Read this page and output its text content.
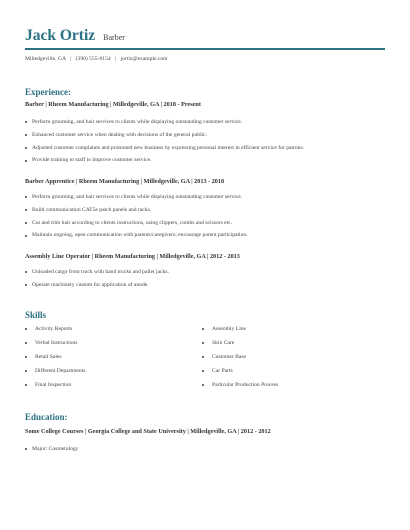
Jack Ortiz Barber
Milledgeville, GA | (390) 555-8154 | jortiz@example.com
Experience:
Barber | Rheem Manufacturing | Milledgeville, GA | 2018 - Present
Perform grooming, and hair services to clients while displaying outstanding customer service.
Enhanced customer service when dealing with decisions of the general public.
Adjusted customer complaints and promoted new business by expressing personal interest in efficient service for patrons.
Provide training to staff to improve customer service.
Barber Apprentice | Rheem Manufacturing | Milledgeville, GA | 2013 - 2018
Perform grooming, and hair services to clients while displaying outstanding customer service.
Build communication CAT5e patch panels and racks.
Cut and trim hair according to clients instructions, using clippers, combs and scissors etc.
Maintain ongoing, open communication with parents/caregivers; encourage parent participation.
Assembly Line Operator | Rheem Manufacturing | Milledgeville, GA | 2012 - 2013
Unloaded cargo from truck with hand trucks and pallet jacks.
Operate machinery custom for application of anode.
Skills
Activity Reports
Verbal Instructions
Retail Sales
Different Departments
Final Inspection
Assembly Line
Skin Care
Customer Base
Car Parts
Particular Production Process
Education:
Some College Courses | Georgia College and State University | Milledgeville, GA | 2012 - 2012
Major: Cosmetology
